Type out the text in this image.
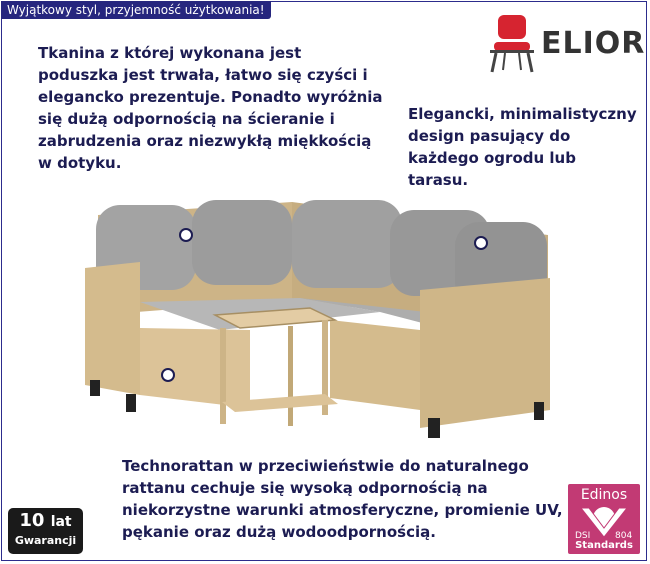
Wyjątkowy styl, przyjemność użytkowania!

Tkanina z której wykonana jest poduszka jest trwała, łatwo się czyści i elegancko prezentuje. Ponadto wyróżnia się dużą odpornością na ścieranie i zabrudzenia oraz niezwykłą miękkością w dotyku.

Elegancki, minimalistyczny design pasujący do każdego ogrodu lub tarasu.

Technorattan w przeciwieństwie do naturalnego rattanu cechuje się wysoką odpornością na niekorzystne warunki atmosferyczne, promienie UV, pękanie oraz dużą wodoodpornością.

ELIOR
10 lat
Gwarancji
Edinos
DSI	804
Standards
